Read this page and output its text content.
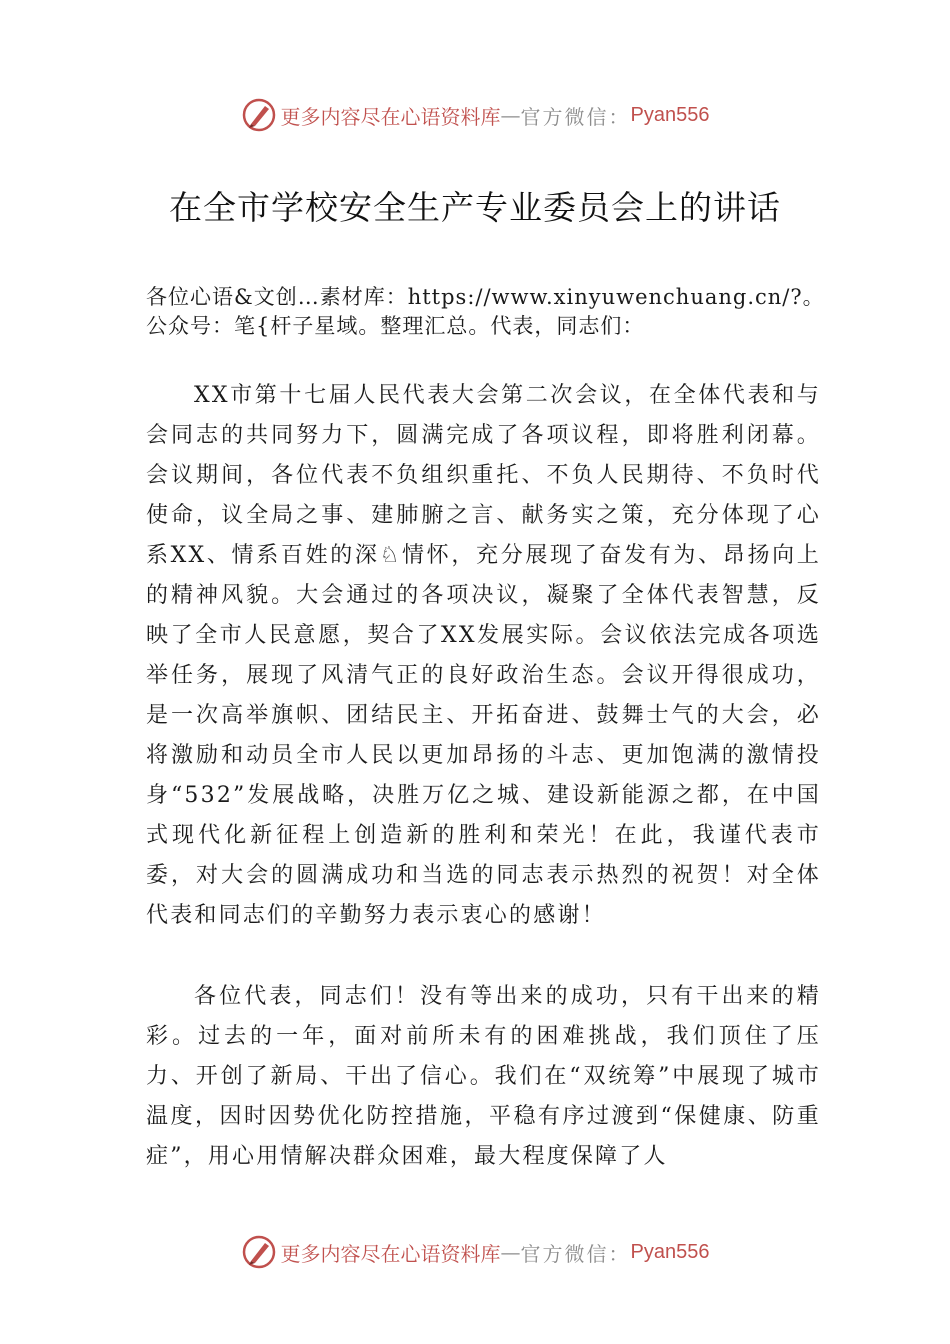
更多内容尽在心语资料库 — 官方微信： Pyan556
在全市学校安全生产专业委员会上的讲话

各位心语&文创…素材库：https://www.xinyuwenchuang.cn/?。公众号：笔{杆子星域。整理汇总。代表，同志们：

XX市第十七届人民代表大会第二次会议，在全体代表和与会同志的共同努力下，圆满完成了各项议程，即将胜利闭幕。会议期间，各位代表不负组织重托、不负人民期待、不负时代使命，议全局之事、建肺腑之言、献务实之策，充分体现了心系XX、情系百姓的深♘情怀，充分展现了奋发有为、昂扬向上的精神风貌。大会通过的各项决议，凝聚了全体代表智慧，反映了全市人民意愿，契合了XX发展实际。会议依法完成各项选举任务，展现了风清气正的良好政治生态。会议开得很成功，是一次高举旗帜、团结民主、开拓奋进、鼓舞士气的大会，必将激励和动员全市人民以更加昂扬的斗志、更加饱满的激情投身“532”发展战略，决胜万亿之城、建设新能源之都，在中国式现代化新征程上创造新的胜利和荣光！在此，我谨代表市委，对大会的圆满成功和当选的同志表示热烈的祝贺！对全体代表和同志们的辛勤努力表示衷心的感谢！

各位代表，同志们！没有等出来的成功，只有干出来的精彩。过去的一年，面对前所未有的困难挑战，我们顶住了压力、开创了新局、干出了信心。我们在“双统筹”中展现了城市温度，因时因势优化防控措施，平稳有序过渡到“保健康、防重症”，用心用情解决群众困难，最大程度保障了人

更多内容尽在心语资料库 — 官方微信： Pyan556
